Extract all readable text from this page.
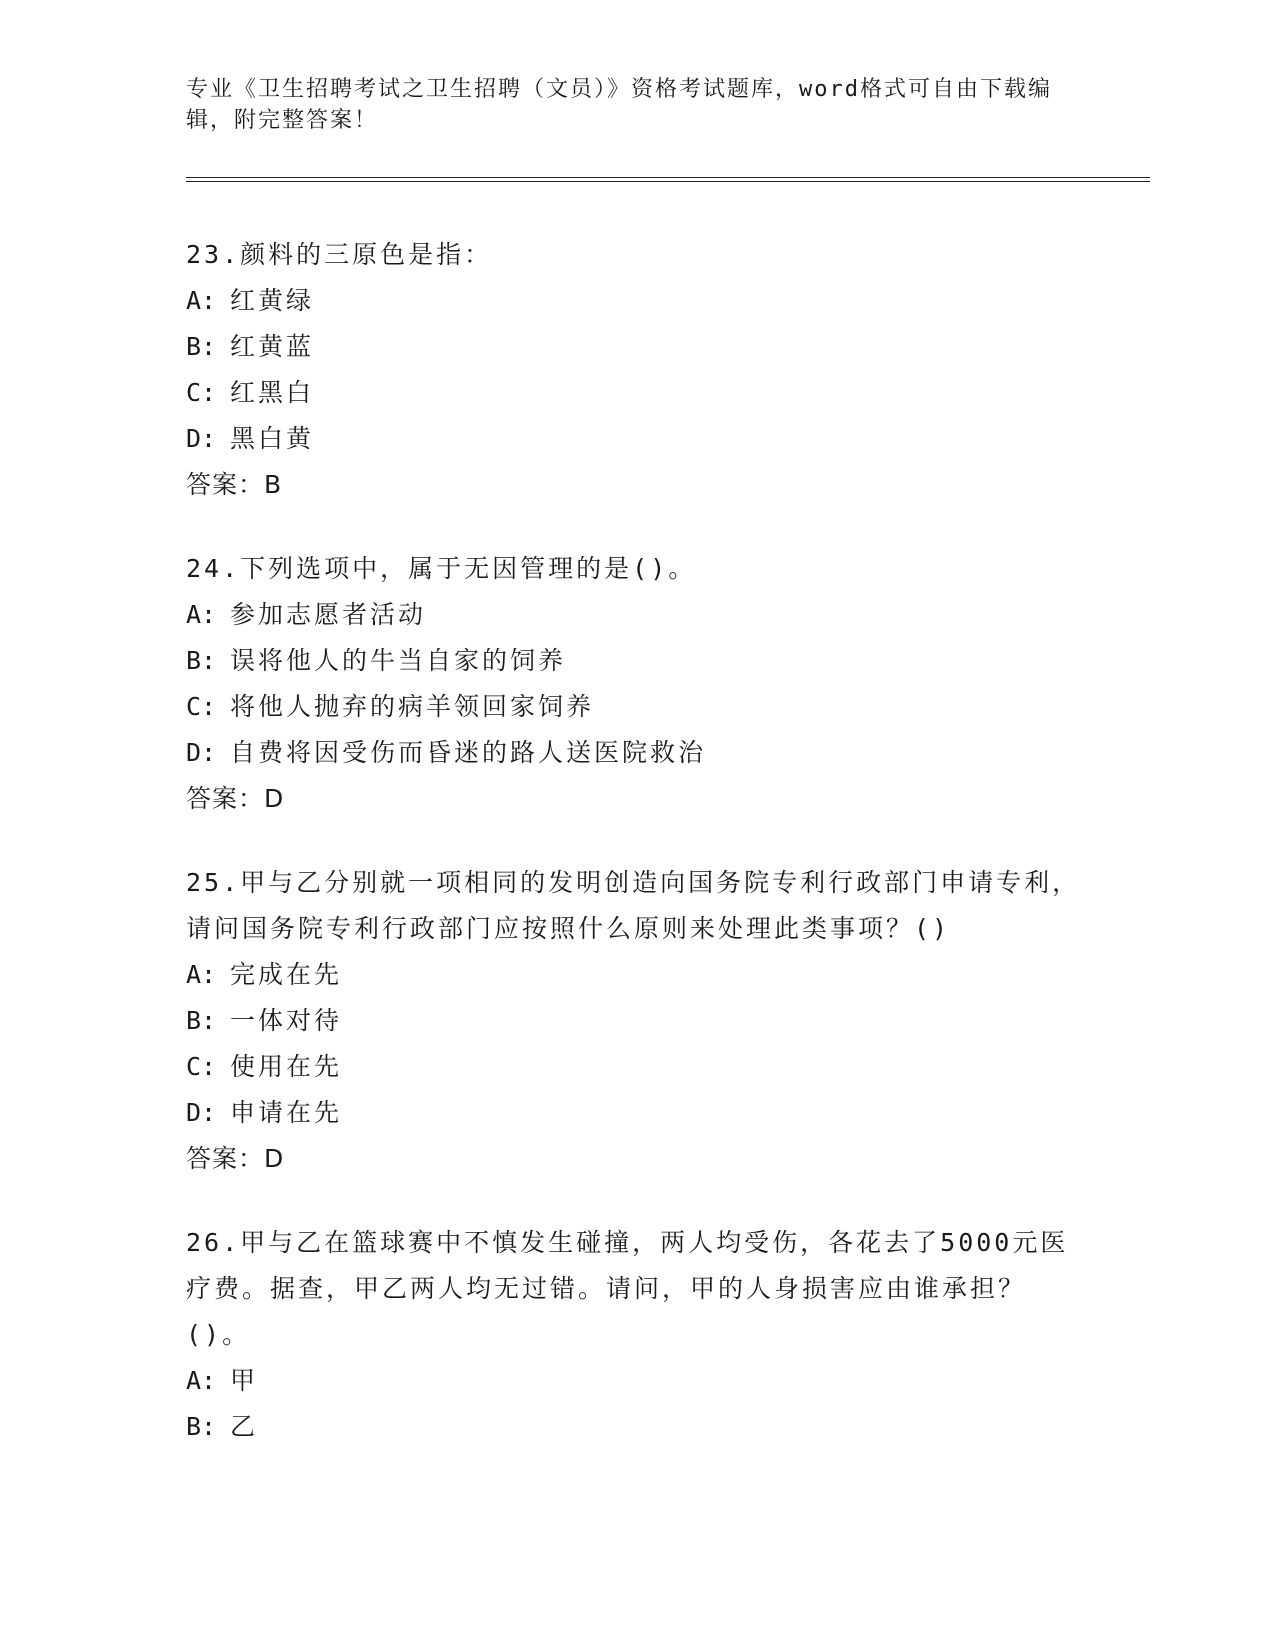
专业《卫生招聘考试之卫生招聘（文员）》资格考试题库，word格式可自由下载编辑，附完整答案！
23.颜料的三原色是指：
A: 红黄绿
B: 红黄蓝
C: 红黑白
D: 黑白黄
答案：B
24.下列选项中，属于无因管理的是()。
A: 参加志愿者活动
B: 误将他人的牛当自家的饲养
C: 将他人抛弃的病羊领回家饲养
D: 自费将因受伤而昏迷的路人送医院救治
答案：D
25.甲与乙分别就一项相同的发明创造向国务院专利行政部门申请专利，请问国务院专利行政部门应按照什么原则来处理此类事项？()
A: 完成在先
B: 一体对待
C: 使用在先
D: 申请在先
答案：D
26.甲与乙在篮球赛中不慎发生碰撞，两人均受伤，各花去了5000元医疗费。据查，甲乙两人均无过错。请问，甲的人身损害应由谁承担？()。
A: 甲
B: 乙
